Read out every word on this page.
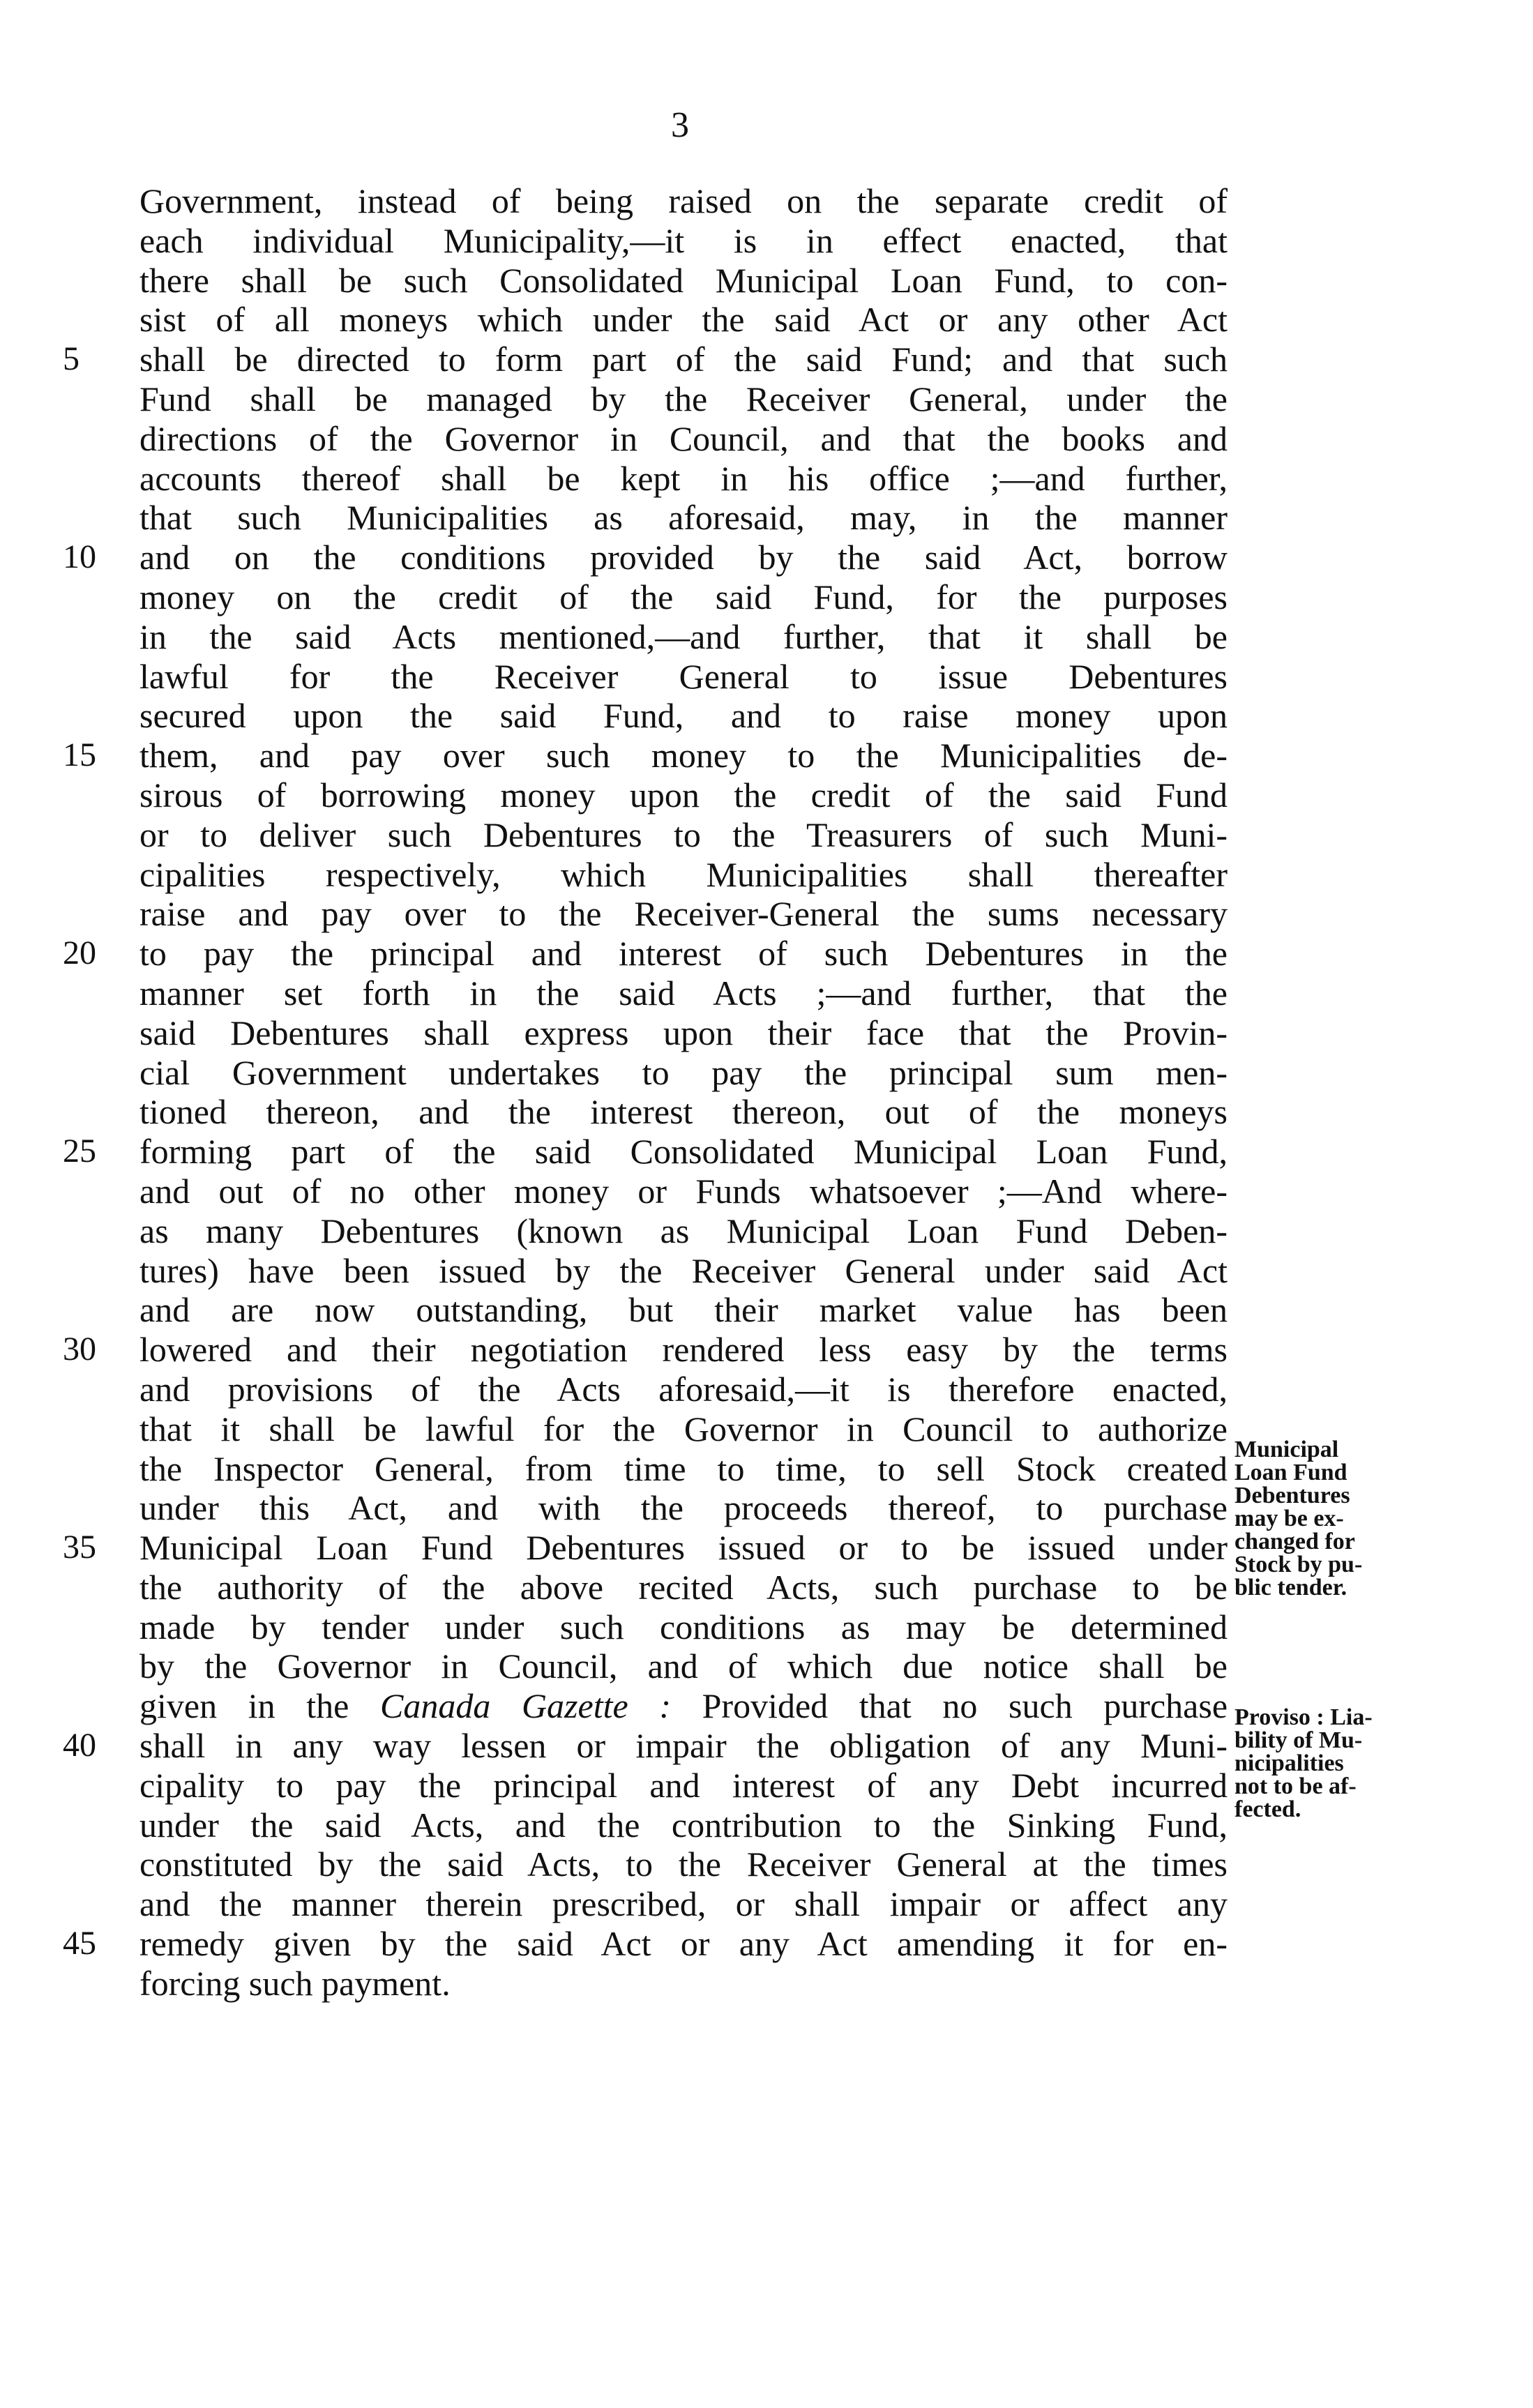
3
5
10
15
20
25
30
35
40
45
Government, instead of being raised on the separate credit of
each individual Municipality,—it is in effect enacted, that
there shall be such Consolidated Municipal Loan Fund, to con-
sist of all moneys which under the said Act or any other Act
shall be directed to form part of the said Fund; and that such
Fund shall be managed by the Receiver General, under the
directions of the Governor in Council, and that the books and
accounts thereof shall be kept in his office ;—and further,
that such Municipalities as aforesaid, may, in the manner
and on the conditions provided by the said Act, borrow
money on the credit of the said Fund, for the purposes
in the said Acts mentioned,—and further, that it shall be
lawful for the Receiver General to issue Debentures
secured upon the said Fund, and to raise money upon
them, and pay over such money to the Municipalities de-
sirous of borrowing money upon the credit of the said Fund
or to deliver such Debentures to the Treasurers of such Muni-
cipalities respectively, which Municipalities shall thereafter
raise and pay over to the Receiver-General the sums necessary
to pay the principal and interest of such Debentures in the
manner set forth in the said Acts ;—and further, that the
said Debentures shall express upon their face that the Provin-
cial Government undertakes to pay the principal sum men-
tioned thereon, and the interest thereon, out of the moneys
forming part of the said Consolidated Municipal Loan Fund,
and out of no other money or Funds whatsoever ;—And where-
as many Debentures (known as Municipal Loan Fund Deben-
tures) have been issued by the Receiver General under said Act
and are now outstanding, but their market value has been
lowered and their negotiation rendered less easy by the terms
and provisions of the Acts aforesaid,—it is therefore enacted,
that it shall be lawful for the Governor in Council to authorize
the Inspector General, from time to time, to sell Stock created
under this Act, and with the proceeds thereof, to purchase
Municipal Loan Fund Debentures issued or to be issued under
the authority of the above recited Acts, such purchase to be
made by tender under such conditions as may be determined
by the Governor in Council, and of which due notice shall be
given in the Canada Gazette : Provided that no such purchase
shall in any way lessen or impair the obligation of any Muni-
cipality to pay the principal and interest of any Debt incurred
under the said Acts, and the contribution to the Sinking Fund,
constituted by the said Acts, to the Receiver General at the times
and the manner therein prescribed, or shall impair or affect any
remedy given by the said Act or any Act amending it for en-
forcing such payment.
Municipal
Loan Fund
Debentures
may be ex-
changed for
Stock by pu-
blic tender.
Proviso : Lia-
bility of Mu-
nicipalities
not to be af-
fected.
